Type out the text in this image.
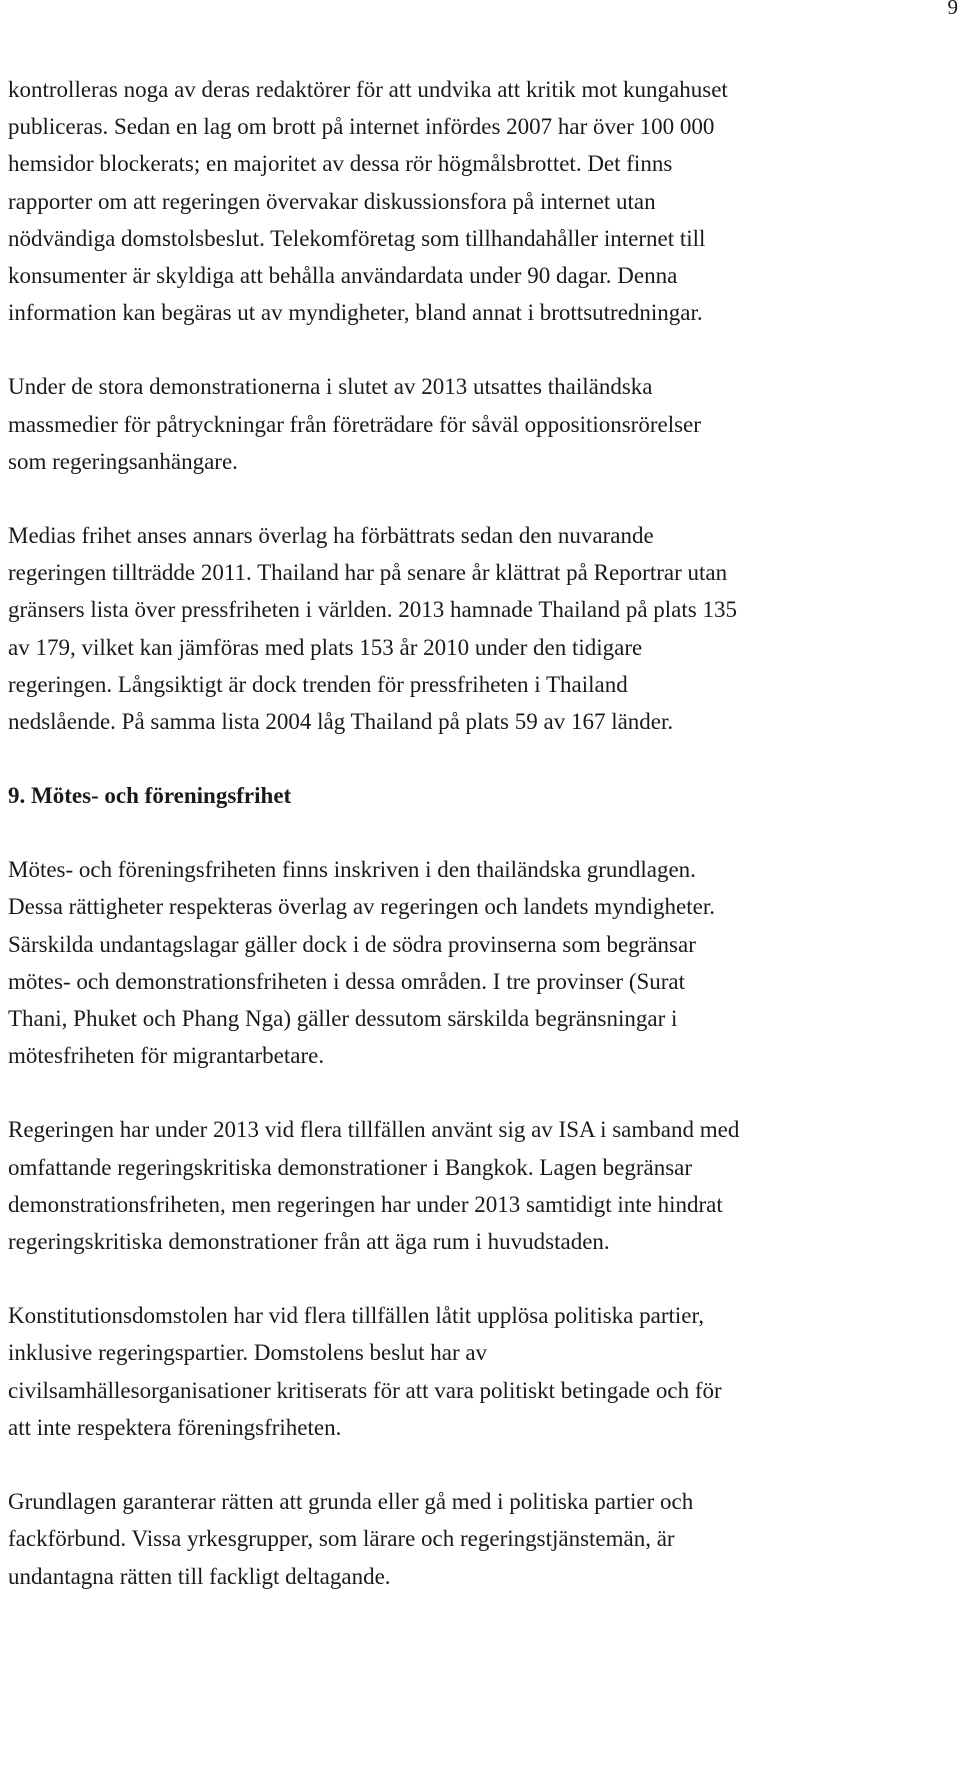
9

kontrolleras noga av deras redaktörer för att undvika att kritik mot kungahuset
publiceras. Sedan en lag om brott på internet infördes 2007 har över 100 000
hemsidor blockerats; en majoritet av dessa rör högmålsbrottet. Det finns
rapporter om att regeringen övervakar diskussionsfora på internet utan
nödvändiga domstolsbeslut. Telekomföretag som tillhandahåller internet till
konsumenter är skyldiga att behålla användardata under 90 dagar. Denna
information kan begäras ut av myndigheter, bland annat i brottsutredningar.

Under de stora demonstrationerna i slutet av 2013 utsattes thailändska
massmedier för påtryckningar från företrädare för såväl oppositionsrörelser
som regeringsanhängare.

Medias frihet anses annars överlag ha förbättrats sedan den nuvarande
regeringen tillträdde 2011. Thailand har på senare år klättrat på Reportrar utan
gränsers lista över pressfriheten i världen. 2013 hamnade Thailand på plats 135
av 179, vilket kan jämföras med plats 153 år 2010 under den tidigare
regeringen. Långsiktigt är dock trenden för pressfriheten i Thailand
nedslående. På samma lista 2004 låg Thailand på plats 59 av 167 länder.

9. Mötes- och föreningsfrihet

Mötes- och föreningsfriheten finns inskriven i den thailändska grundlagen.
Dessa rättigheter respekteras överlag av regeringen och landets myndigheter.
Särskilda undantagslagar gäller dock i de södra provinserna som begränsar
mötes- och demonstrationsfriheten i dessa områden. I tre provinser (Surat
Thani, Phuket och Phang Nga) gäller dessutom särskilda begränsningar i
mötesfriheten för migrantarbetare.

Regeringen har under 2013 vid flera tillfällen använt sig av ISA i samband med
omfattande regeringskritiska demonstrationer i Bangkok. Lagen begränsar
demonstrationsfriheten, men regeringen har under 2013 samtidigt inte hindrat
regeringskritiska demonstrationer från att äga rum i huvudstaden.

Konstitutionsdomstolen har vid flera tillfällen låtit upplösa politiska partier,
inklusive regeringspartier. Domstolens beslut har av
civilsamhällesorganisationer kritiserats för att vara politiskt betingade och för
att inte respektera föreningsfriheten.

Grundlagen garanterar rätten att grunda eller gå med i politiska partier och
fackförbund. Vissa yrkesgrupper, som lärare och regeringstjänstemän, är
undantagna rätten till fackligt deltagande.
